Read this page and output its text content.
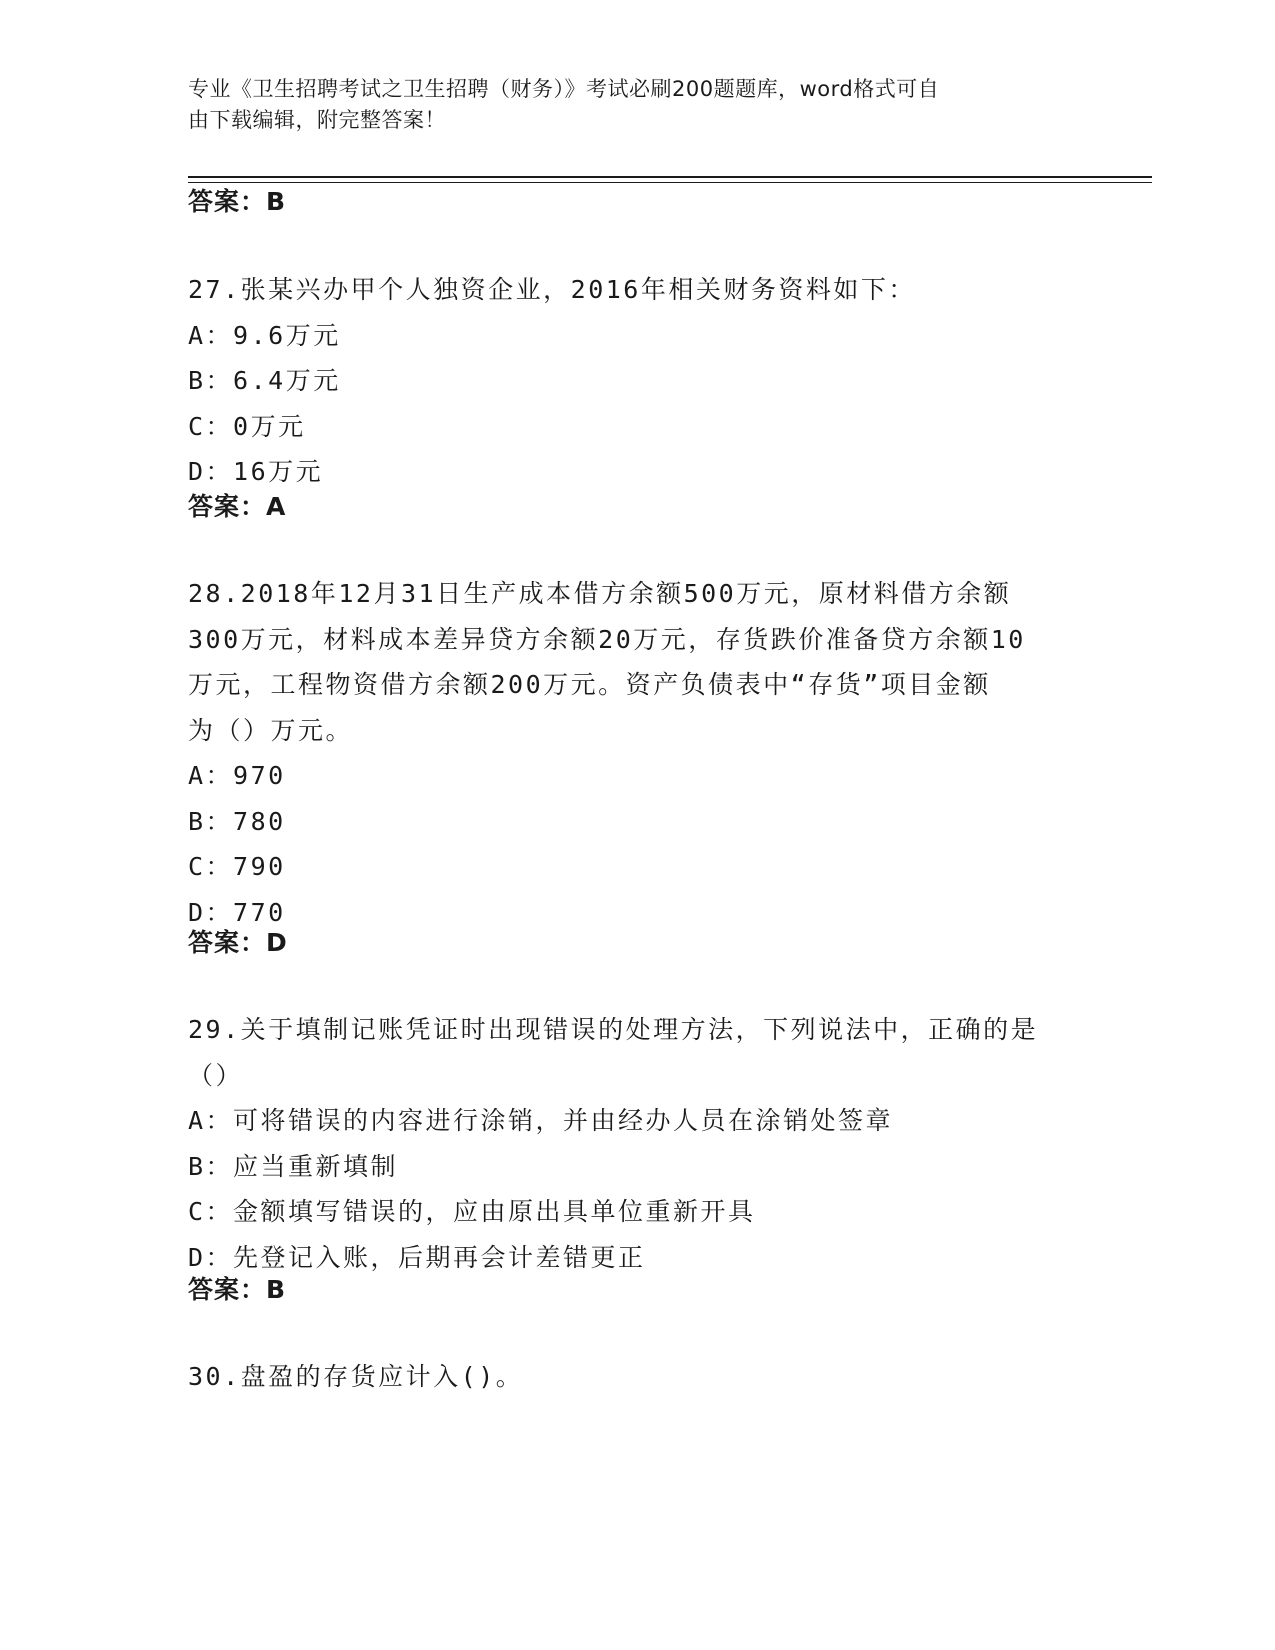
专业《卫生招聘考试之卫生招聘（财务）》考试必刷200题题库，word格式可自
由下载编辑，附完整答案！
答案：B
27.张某兴办甲个人独资企业，2016年相关财务资料如下：
A：9.6万元
B：6.4万元
C：0万元
D：16万元
答案：A
28.2018年12月31日生产成本借方余额500万元，原材料借方余额
300万元，材料成本差异贷方余额20万元，存货跌价准备贷方余额10
万元，工程物资借方余额200万元。资产负债表中“存货”项目金额
为（）万元。
A：970
B：780
C：790
D：770
答案：D
29.关于填制记账凭证时出现错误的处理方法，下列说法中，正确的是
（）
A：可将错误的内容进行涂销，并由经办人员在涂销处签章
B：应当重新填制
C：金额填写错误的，应由原出具单位重新开具
D：先登记入账，后期再会计差错更正
答案：B
30.盘盈的存货应计入()。
